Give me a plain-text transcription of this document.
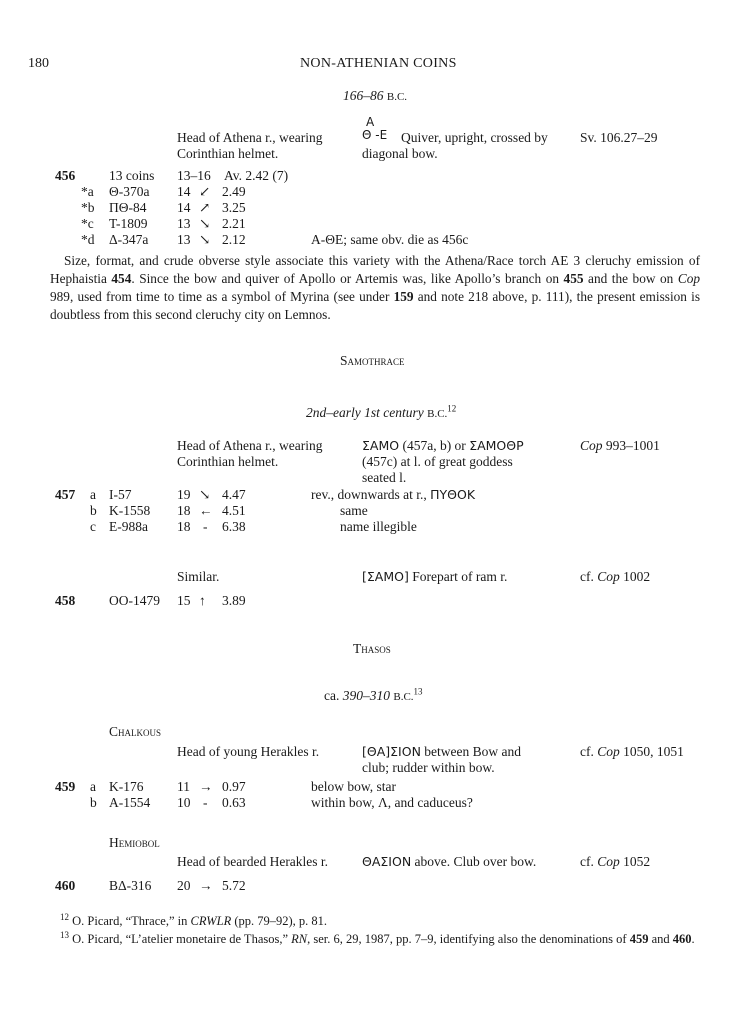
180	NON-ATHENIAN COINS
166–86 B.C.
A
Θ -E
Head of Athena r., wearing
Corinthian helmet.
Quiver, upright, crossed by
diagonal bow.
Sv. 106.27–29
456	13 coins 13–16 Av. 2.42 (7)
*a Θ-370a 14 ↙ 2.49
*b ΠΘ-84 14 ↗ 3.25
*c T-1809 13 ↘ 2.21
*d Δ-347a 13 ↘ 2.12	A-ΘE; same obv. die as 456c
Size, format, and crude obverse style associate this variety with the Athena/Race torch AE 3 cleruchy emission of Hephaistia 454. Since the bow and quiver of Apollo or Artemis was, like Apollo’s branch on 455 and the bow on Cop 989, used from time to time as a symbol of Myrina (see under 159 and note 218 above, p. 111), the present emission is doubtless from this second cleruchy city on Lemnos.
Samothrace
2nd–early 1st century B.C.$^{12}$
Head of Athena r., wearing
Corinthian helmet.
ΣΑΜΟ (457a, b) or ΣΑΜΟΘΡ
(457c) at l. of great goddess
seated l.
Cop 993–1001
457 a I-57	19 ↘ 4.47	rev., downwards at r., ΠΥΘΟΚ
b K-1558 18 ← 4.51	same
c E-988a 18 - 6.38	name illegible
Similar.	[ΣΑΜΟ] Forepart of ram r.	cf. Cop 1002
458	OO-1479 15 ↑ 3.89
Thasos
ca. 390–310 B.C.$^{13}$
Chalkous
Head of young Herakles r.	[ΘΑ]ΣΙΟΝ between Bow and
club; rudder within bow.
cf. Cop 1050, 1051
459 a K-176 11 → 0.97	below bow, star
b A-1554 10 - 0.63	within bow, Λ, and caduceus?
Hemiobol
Head of bearded Herakles r.	ΘΑΣΙΟΝ above. Club over bow.	cf. Cop 1052
460	BΔ-316 20 → 5.72
$^{12}$ O. Picard, “Thrace,” in CRWLR (pp. 79–92), p. 81.
$^{13}$ O. Picard, “L’atelier monetaire de Thasos,” RN, ser. 6, 29, 1987, pp. 7–9, identifying also the denominations of 459 and 460.
